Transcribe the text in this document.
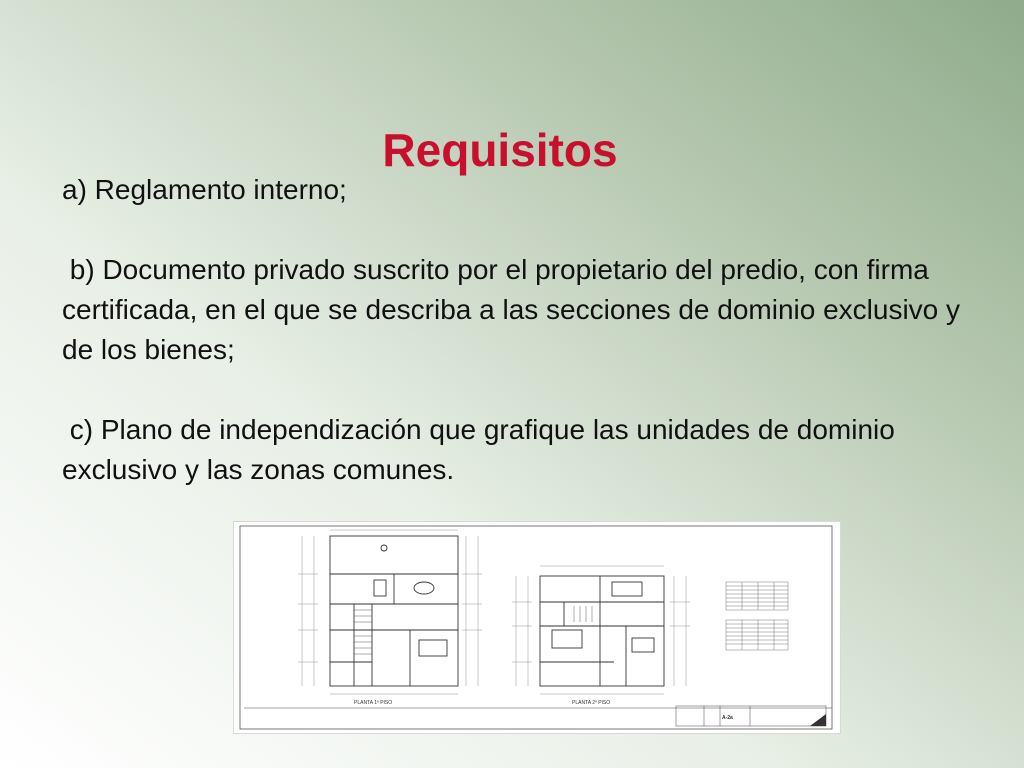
Requisitos

a) Reglamento interno;

b) Documento privado suscrito por el propietario del predio, con firma certificada, en el que se describa a las secciones de dominio exclusivo y de los bienes;

c) Plano de independización que grafique las unidades de dominio exclusivo y las zonas comunes.

PLANTA 1º PISO	PLANTA 2º PISO
A-2a
